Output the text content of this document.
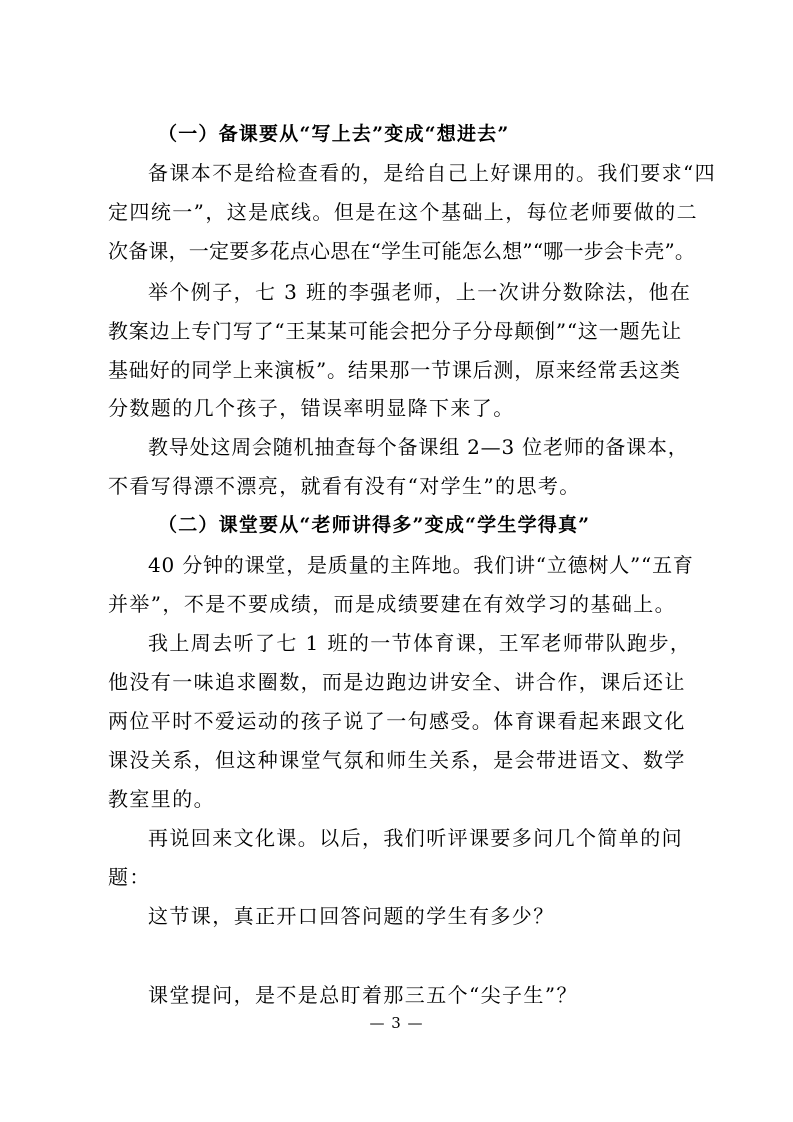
（一）备课要从“写上去”变成“想进去”
备课本不是给检查看的，是给自己上好课用的。我们要求“四
定四统一”，这是底线。但是在这个基础上，每位老师要做的二
次备课，一定要多花点心思在“学生可能怎么想”“哪一步会卡壳”。
举个例子，七 3 班的李强老师，上一次讲分数除法，他在
教案边上专门写了“王某某可能会把分子分母颠倒”“这一题先让
基础好的同学上来演板”。结果那一节课后测，原来经常丢这类
分数题的几个孩子，错误率明显降下来了。
教导处这周会随机抽查每个备课组 2—3 位老师的备课本，
不看写得漂不漂亮，就看有没有“对学生”的思考。
（二）课堂要从“老师讲得多”变成“学生学得真”
40 分钟的课堂，是质量的主阵地。我们讲“立德树人”“五育
并举”，不是不要成绩，而是成绩要建在有效学习的基础上。
我上周去听了七 1 班的一节体育课，王军老师带队跑步，
他没有一味追求圈数，而是边跑边讲安全、讲合作，课后还让
两位平时不爱运动的孩子说了一句感受。体育课看起来跟文化
课没关系，但这种课堂气氛和师生关系，是会带进语文、数学
教室里的。
再说回来文化课。以后，我们听评课要多问几个简单的问
题：
这节课，真正开口回答问题的学生有多少？
课堂提问，是不是总盯着那三五个“尖子生”？
— 3 —
